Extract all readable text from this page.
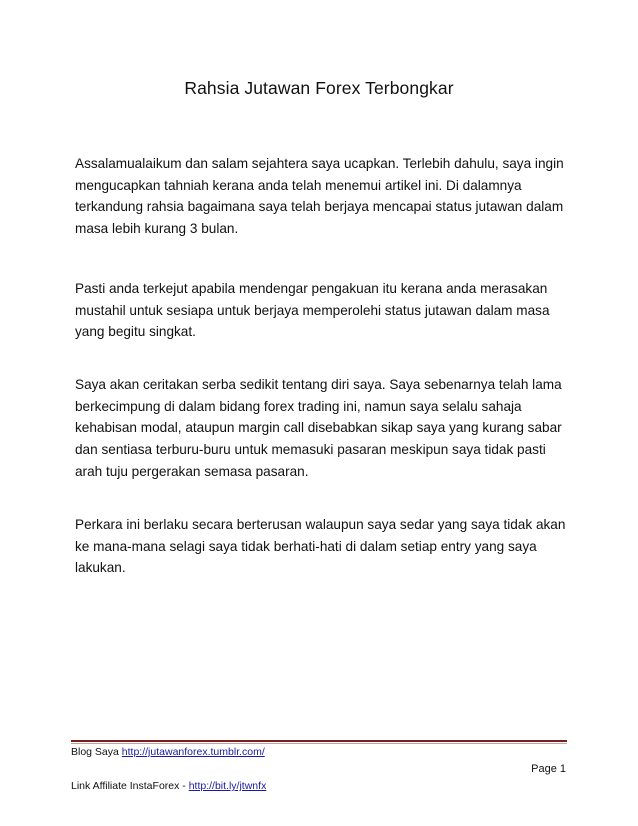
Rahsia Jutawan Forex Terbongkar

Assalamualaikum dan salam sejahtera saya ucapkan. Terlebih dahulu, saya ingin mengucapkan tahniah kerana anda telah menemui artikel ini. Di dalamnya terkandung rahsia bagaimana saya telah berjaya mencapai status jutawan dalam masa lebih kurang 3 bulan.

Pasti anda terkejut apabila mendengar pengakuan itu kerana anda merasakan mustahil untuk sesiapa untuk berjaya memperolehi status jutawan dalam masa yang begitu singkat.

Saya akan ceritakan serba sedikit tentang diri saya. Saya sebenarnya telah lama berkecimpung di dalam bidang forex trading ini, namun saya selalu sahaja kehabisan modal, ataupun margin call disebabkan sikap saya yang kurang sabar dan sentiasa terburu-buru untuk memasuki pasaran meskipun saya tidak pasti arah tuju pergerakan semasa pasaran.

Perkara ini berlaku secara berterusan walaupun saya sedar yang saya tidak akan ke mana-mana selagi saya tidak berhati-hati di dalam setiap entry yang saya lakukan.

Blog Saya http://jutawanforex.tumblr.com/
Page 1
Link Affiliate InstaForex - http://bit.ly/jtwnfx
